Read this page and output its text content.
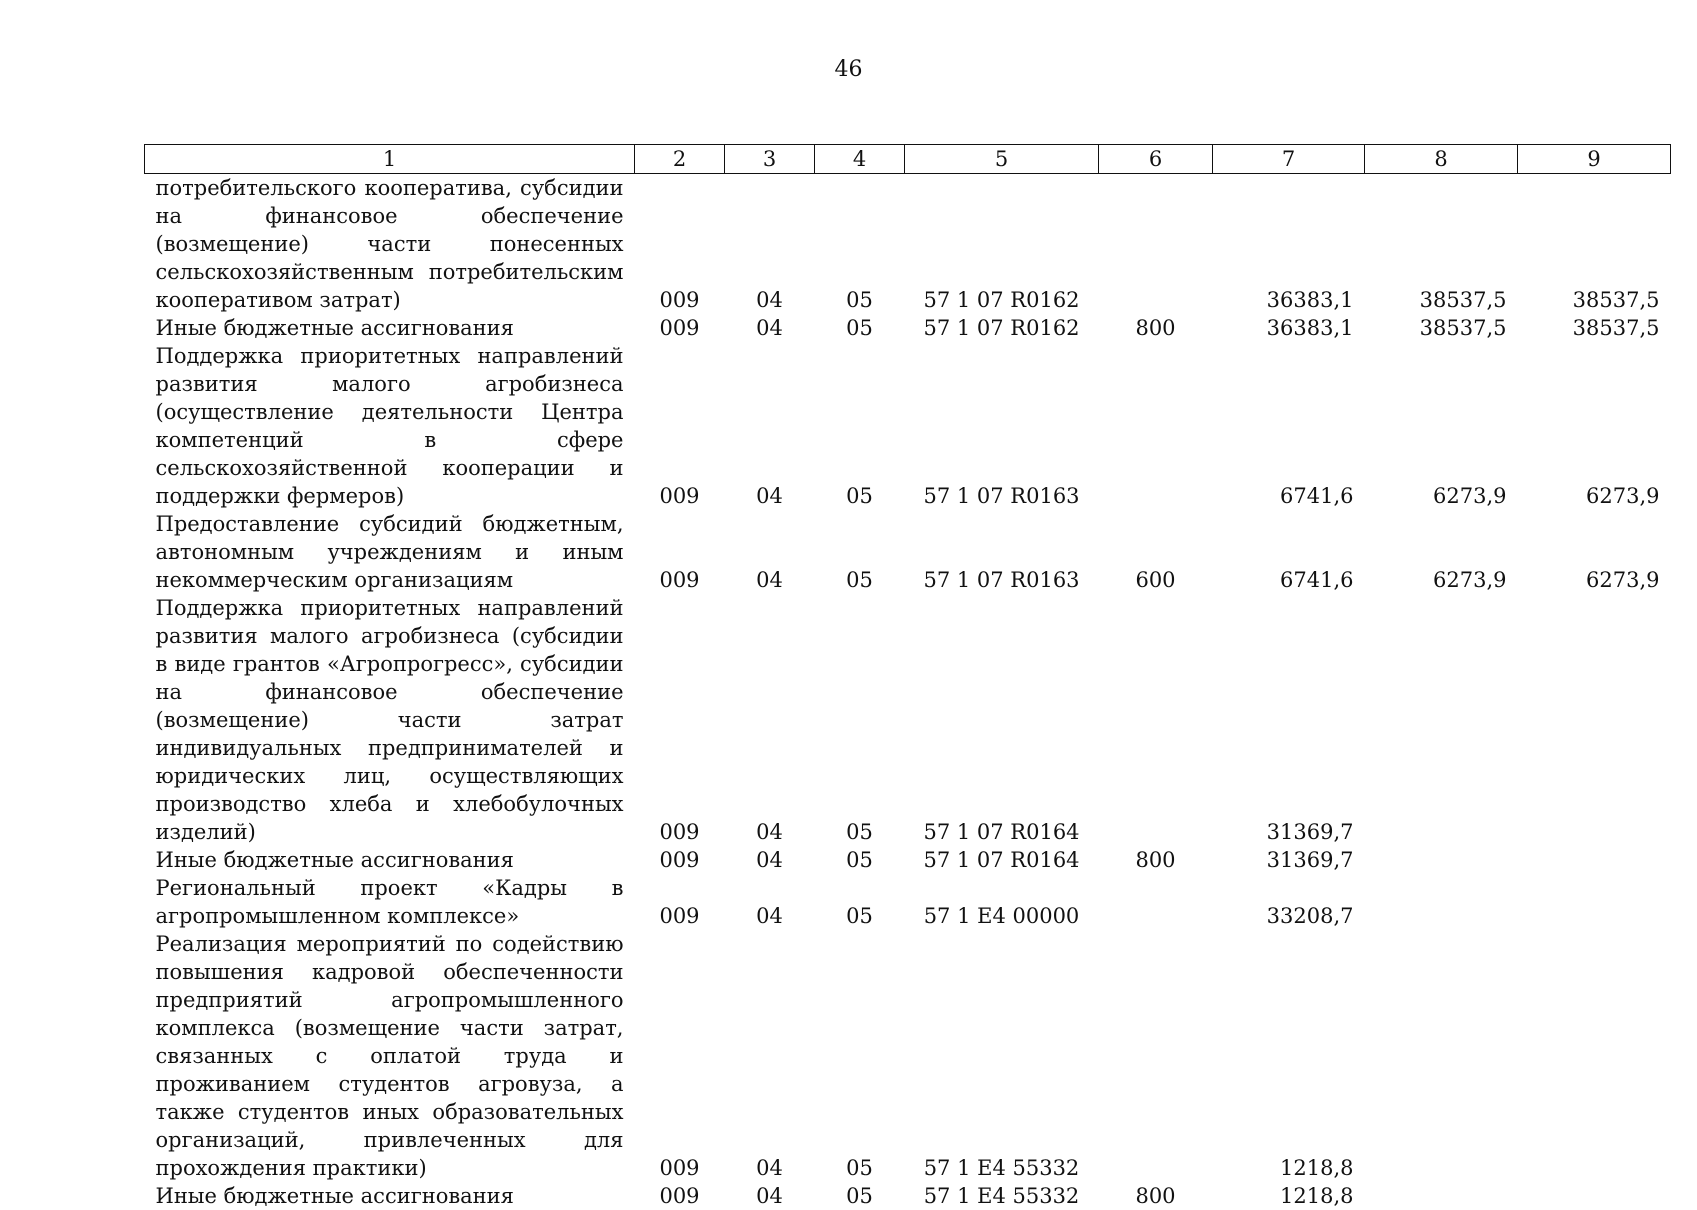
46
1	2	3	4	5	6	7	8	9
потребительского кооператива, субсидии на финансовое обеспечение (возмещение) части понесенных сельскохозяйственным потребительским кооперативом затрат)	009	04	05	57 1 07 R0162		36383,1	38537,5	38537,5
Иные бюджетные ассигнования	009	04	05	57 1 07 R0162	800	36383,1	38537,5	38537,5
Поддержка приоритетных направлений развития малого агробизнеса (осуществление деятельности Центра компетенций в сфере сельскохозяйственной кооперации и поддержки фермеров)	009	04	05	57 1 07 R0163		6741,6	6273,9	6273,9
Предоставление субсидий бюджетным, автономным учреждениям и иным некоммерческим организациям	009	04	05	57 1 07 R0163	600	6741,6	6273,9	6273,9
Поддержка приоритетных направлений развития малого агробизнеса (субсидии в виде грантов «Агропрогресс», субсидии на финансовое обеспечение (возмещение) части затрат индивидуальных предпринимателей и юридических лиц, осуществляющих производство хлеба и хлебобулочных изделий)	009	04	05	57 1 07 R0164		31369,7		
Иные бюджетные ассигнования	009	04	05	57 1 07 R0164	800	31369,7		
Региональный проект «Кадры в агропромышленном комплексе»	009	04	05	57 1 E4 00000		33208,7		
Реализация мероприятий по содействию повышения кадровой обеспеченности предприятий агропромышленного комплекса (возмещение части затрат, связанных с оплатой труда и проживанием студентов агровуза, а также студентов иных образовательных организаций, привлеченных для прохождения практики)	009	04	05	57 1 E4 55332		1218,8		
Иные бюджетные ассигнования	009	04	05	57 1 E4 55332	800	1218,8		
